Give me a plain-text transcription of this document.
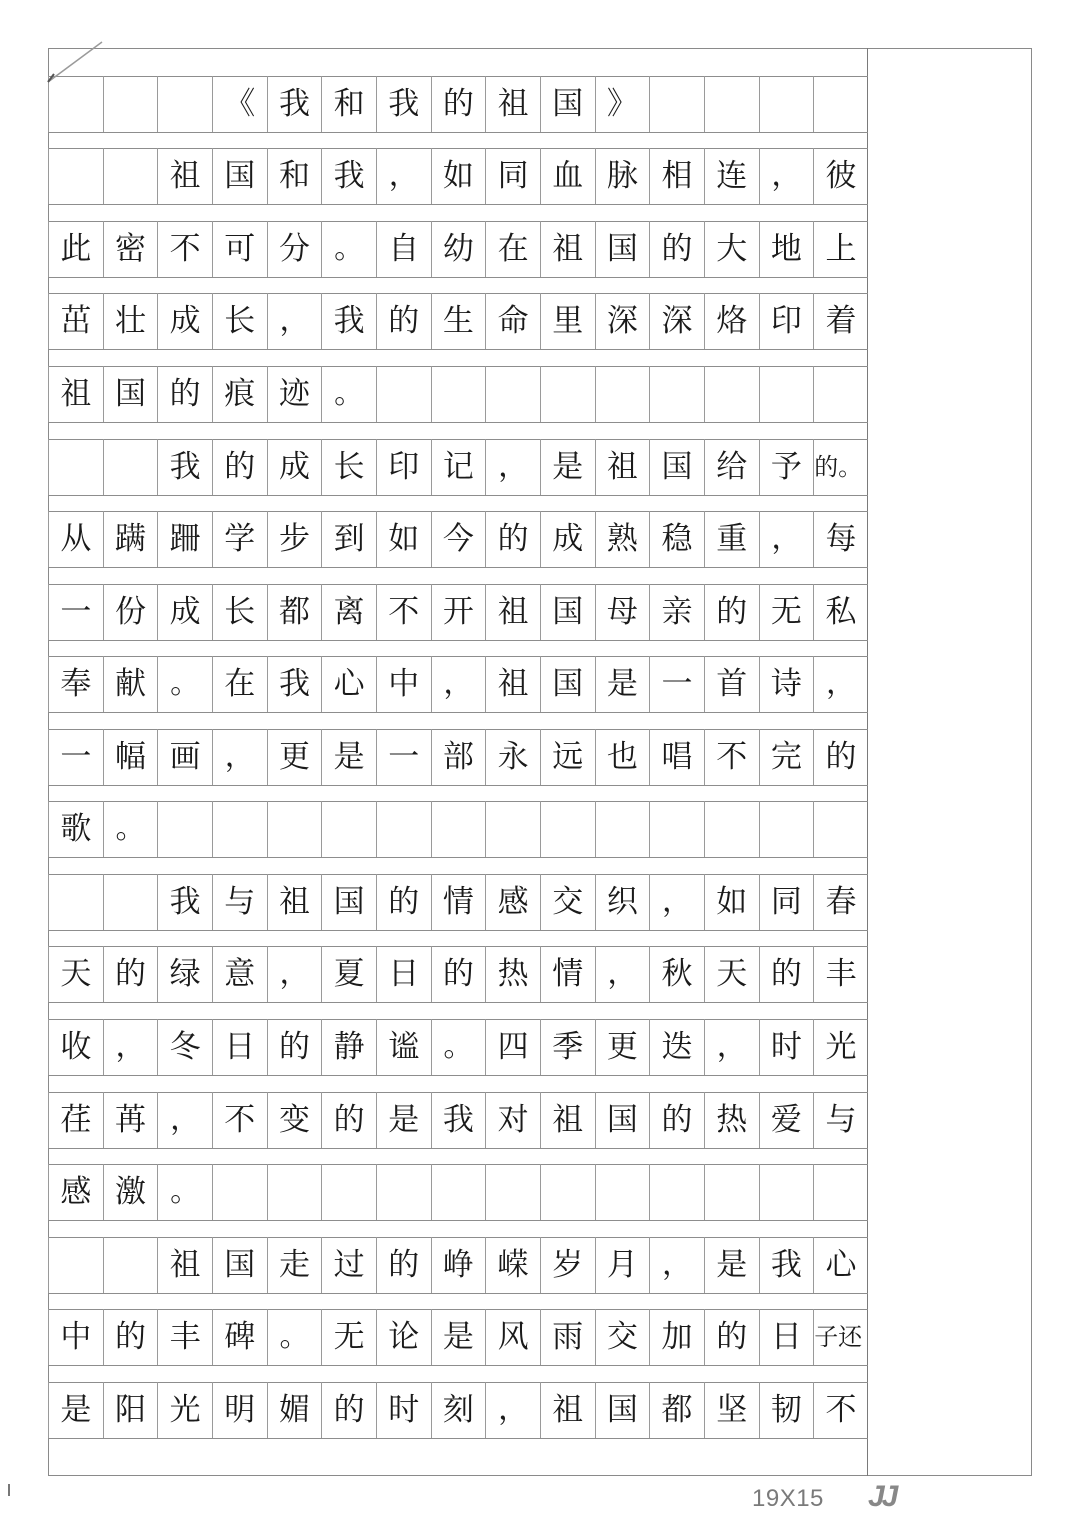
《 我 和 我 的 祖 国 》
祖 国 和 我 ， 如 同 血 脉 相 连 ， 彼
此 密 不 可 分 。 自 幼 在 祖 国 的 大 地 上
茁 壮 成 长 ， 我 的 生 命 里 深 深 烙 印 着
祖 国 的 痕 迹 。
我 的 成 长 印 记 ， 是 祖 国 给 予 的。
从 蹒 跚 学 步 到 如 今 的 成 熟 稳 重 ， 每
一 份 成 长 都 离 不 开 祖 国 母 亲 的 无 私
奉 献 。 在 我 心 中 ， 祖 国 是 一 首 诗 ，
一 幅 画 ， 更 是 一 部 永 远 也 唱 不 完 的
歌 。
我 与 祖 国 的 情 感 交 织 ， 如 同 春
天 的 绿 意 ， 夏 日 的 热 情 ， 秋 天 的 丰
收 ， 冬 日 的 静 谧 。 四 季 更 迭 ， 时 光
荏 苒 ， 不 变 的 是 我 对 祖 国 的 热 爱 与
感 激 。
祖 国 走 过 的 峥 嵘 岁 月 ， 是 我 心
中 的 丰 碑 。 无 论 是 风 雨 交 加 的 日 子还
是 阳 光 明 媚 的 时 刻 ， 祖 国 都 坚 韧 不
19X15 JJ
